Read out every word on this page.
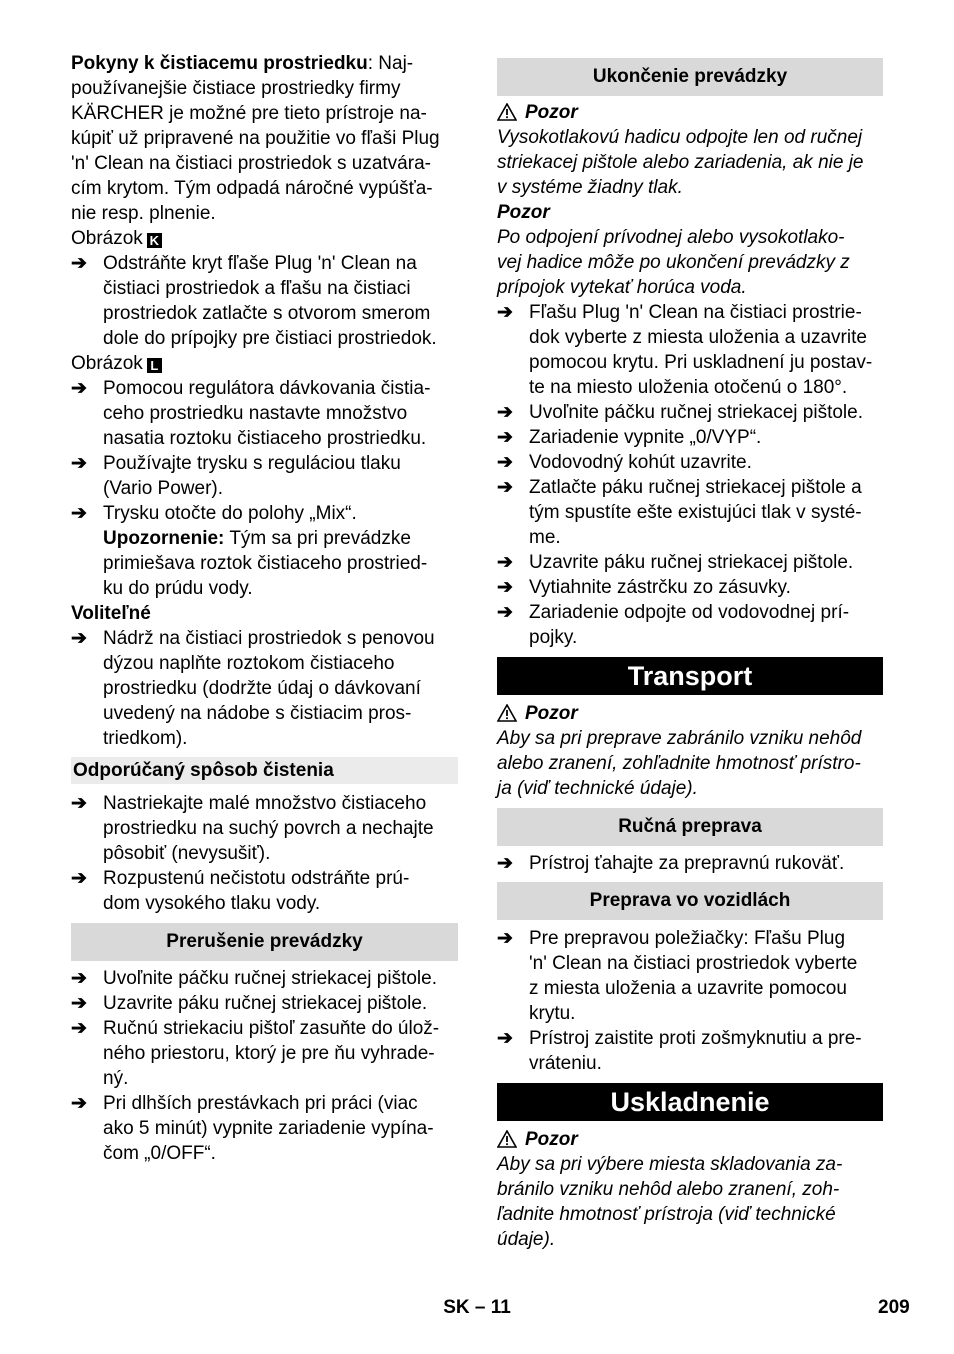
Pokyny k čistiacemu prostriedku: Naj-

používanejšie čistiace prostriedky firmy

KÄRCHER je možné pre tieto prístroje na-

kúpiť už pripravené na použitie vo fľaši Plug

'n' Clean na čistiaci prostriedok s uzatvára-

cím krytom. Tým odpadá náročné vypúšťa-

nie resp. plnenie.

Obrázok K

➔ Odstráňte kryt fľaše Plug 'n' Clean na

čistiaci prostriedok a fľašu na čistiaci

prostriedok zatlačte s otvorom smerom

dole do prípojky pre čistiaci prostriedok.

Obrázok L

➔ Pomocou regulátora dávkovania čistia-

ceho prostriedku nastavte množstvo

nasatia roztoku čistiaceho prostriedku.

➔ Používajte trysku s reguláciou tlaku

(Vario Power).

➔ Trysku otočte do polohy „Mix“.

Upozornenie: Tým sa pri prevádzke

primiešava roztok čistiaceho prostried-

ku do prúdu vody.

Voliteľné

➔ Nádrž na čistiaci prostriedok s penovou

dýzou naplňte roztokom čistiaceho

prostriedku (dodržte údaj o dávkovaní

uvedený na nádobe s čistiacim pros-

triedkom).

Odporúčaný spôsob čistenia
➔ Nastriekajte malé množstvo čistiaceho

prostriedku na suchý povrch a nechajte

pôsobiť (nevysušiť).

➔ Rozpustenú nečistotu odstráňte prú-

dom vysokého tlaku vody.

Prerušenie prevádzky
➔ Uvoľnite páčku ručnej striekacej pištole.

➔ Uzavrite páku ručnej striekacej pištole.

➔ Ručnú striekaciu pištoľ zasuňte do úlož-

ného priestoru, ktorý je pre ňu vyhrade-

ný.

➔ Pri dlhších prestávkach pri práci (viac

ako 5 minút) vypnite zariadenie vypína-

čom „0/OFF“.

Ukončenie prevádzky

Pozor

Vysokotlakovú hadicu odpojte len od ručnej

striekacej pištole alebo zariadenia, ak nie je

v systéme žiadny tlak.

Pozor

Po odpojení prívodnej alebo vysokotlako-

vej hadice môže po ukončení prevádzky z

prípojok vytekať horúca voda.

➔ Fľašu Plug 'n' Clean na čistiaci prostrie-

dok vyberte z miesta uloženia a uzavrite

pomocou krytu. Pri uskladnení ju postav-

te na miesto uloženia otočenú o 180°.

➔ Uvoľnite páčku ručnej striekacej pištole.

➔ Zariadenie vypnite „0/VYP“.

➔ Vodovodný kohút uzavrite.

➔ Zatlačte páku ručnej striekacej pištole a

tým spustíte ešte existujúci tlak v systé-

me.

➔ Uzavrite páku ručnej striekacej pištole.

➔ Vytiahnite zástrčku zo zásuvky.

➔ Zariadenie odpojte od vodovodnej prí-

pojky.

Transport

Pozor

Aby sa pri preprave zabránilo vzniku nehôd

alebo zranení, zohľadnite hmotnosť prístro-

ja (viď technické údaje).

Ručná preprava
➔ Prístroj ťahajte za prepravnú rukoväť.

Preprava vo vozidlách
➔ Pre prepravou poležiačky: Fľašu Plug

'n' Clean na čistiaci prostriedok vyberte

z miesta uloženia a uzavrite pomocou

krytu.

➔ Prístroj zaistite proti zošmyknutiu a pre-

vráteniu.

Uskladnenie

Pozor

Aby sa pri výbere miesta skladovania za-

bránilo vzniku nehôd alebo zranení, zoh-

ľadnite hmotnosť prístroja (viď technické

údaje).

SK – 11	209
